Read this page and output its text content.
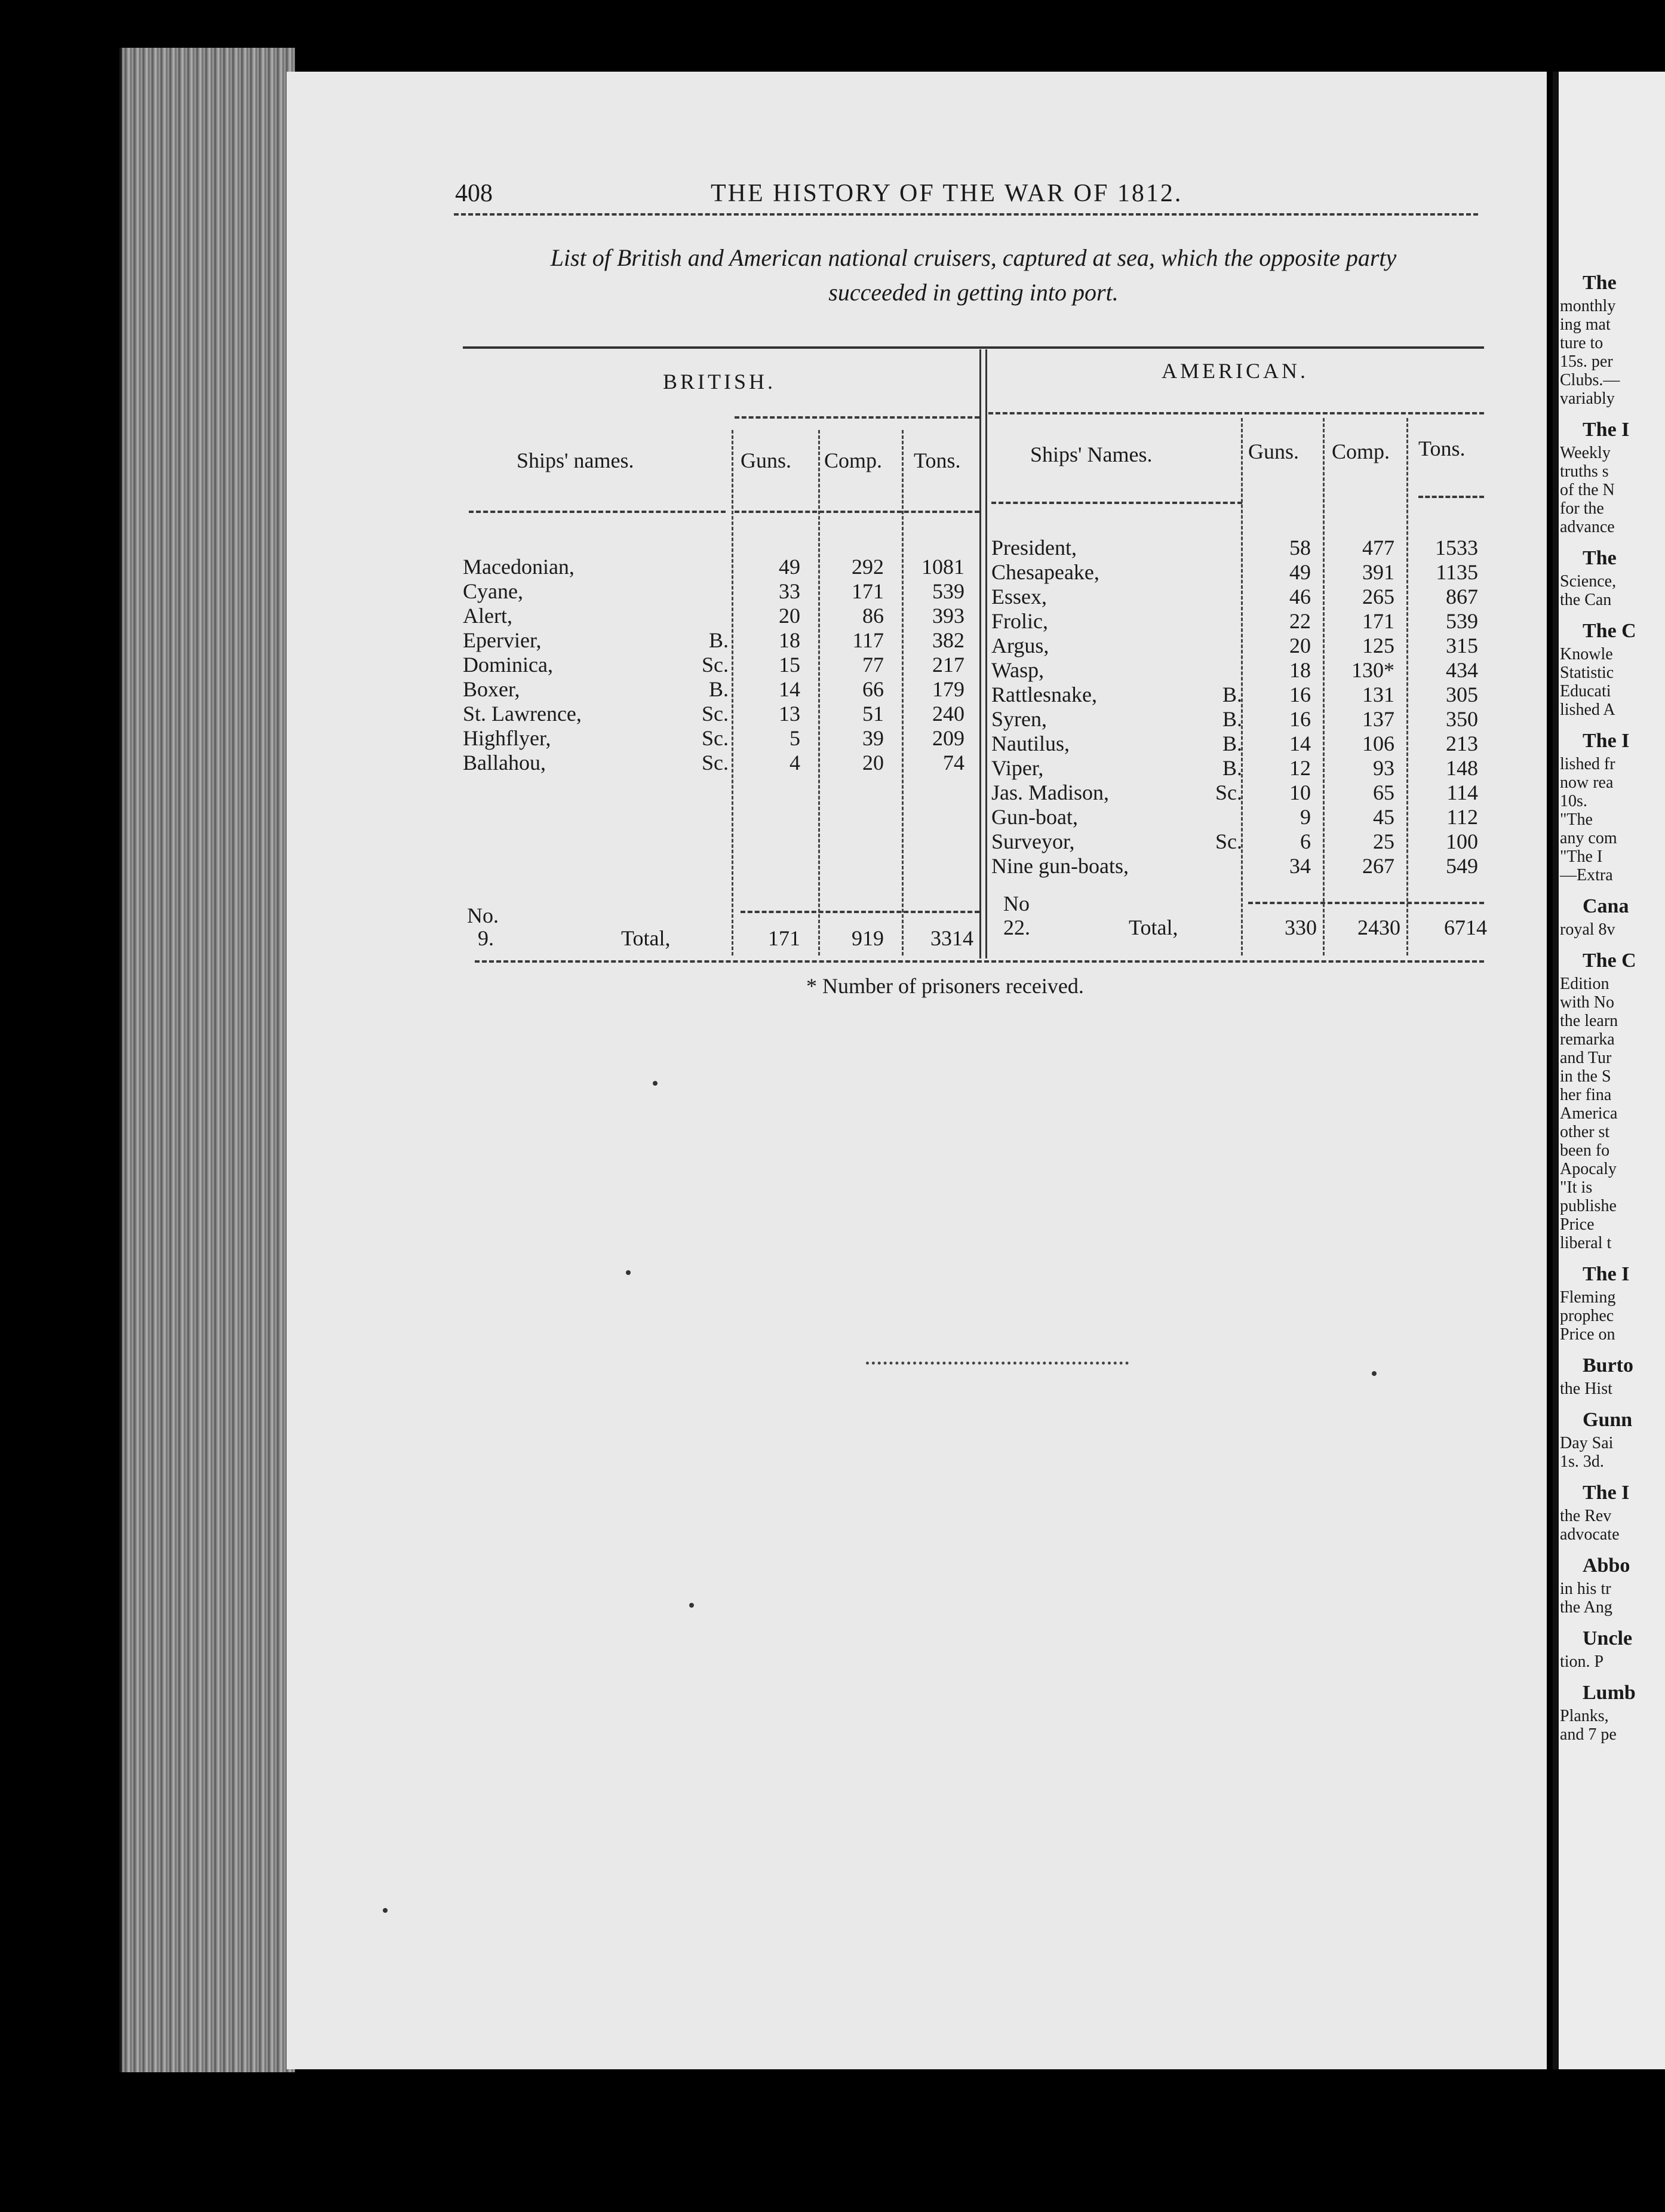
408	THE HISTORY OF THE WAR OF 1812.
List of British and American national cruisers, captured at sea, which the opposite party
succeeded in getting into port.
BRITISH.	AMERICAN.
Ships' names.	Guns. Comp. Tons.	Ships' Names.	Guns. Comp. Tons.
Macedonian,	49	292	1081
Cyane,	33	171	539
Alert,	20	86	393
Epervier,	B.	18	117	382
Dominica,	Sc.	15	77	217
Boxer,	B.	14	66	179
St. Lawrence,	Sc.	13	51	240
Highflyer,	Sc.	5	39	209
Ballahou,	Sc.	4	20	74
No.
9.	Total,	171	919	3314
President,	58	477	1533
Chesapeake,	49	391	1135
Essex,	46	265	867
Frolic,	22	171	539
Argus,	20	125	315
Wasp,	18	130*	434
Rattlesnake,	B.	16	131	305
Syren,	B.	16	137	350
Nautilus,	B.	14	106	213
Viper,	B.	12	93	148
Jas. Madison,	Sc.	10	65	114
Gun-boat,	9	45	112
Surveyor,	Sc.	6	25	100
Nine gun-boats,	34	267	549
No
22.	Total,	330	2430	6714
* Number of prisoners received.
The
monthly
ing mat
ture to
15s. per
Clubs.—
variably
The I
Weekly
truths s
of the N
for the
advance
The
Science,
the Can
The C
Knowle
Statistic
Educati
lished A
The I
lished fr
now rea
10s.
"The
any com
"The I
—Extra
Cana
royal 8v
The C
Edition
with No
the learn
remarka
and Tur
in the S
her fina
America
other st
been fo
Apocaly
"It is
publishe
Price
liberal t
The I
Fleming
prophec
Price on
Burto
the Hist
Gunn
Day Sai
1s. 3d.
The I
the Rev
advocate
Abbo
in his tr
the Ang
Uncle
tion. P
Lumb
Planks,
and 7 pe
